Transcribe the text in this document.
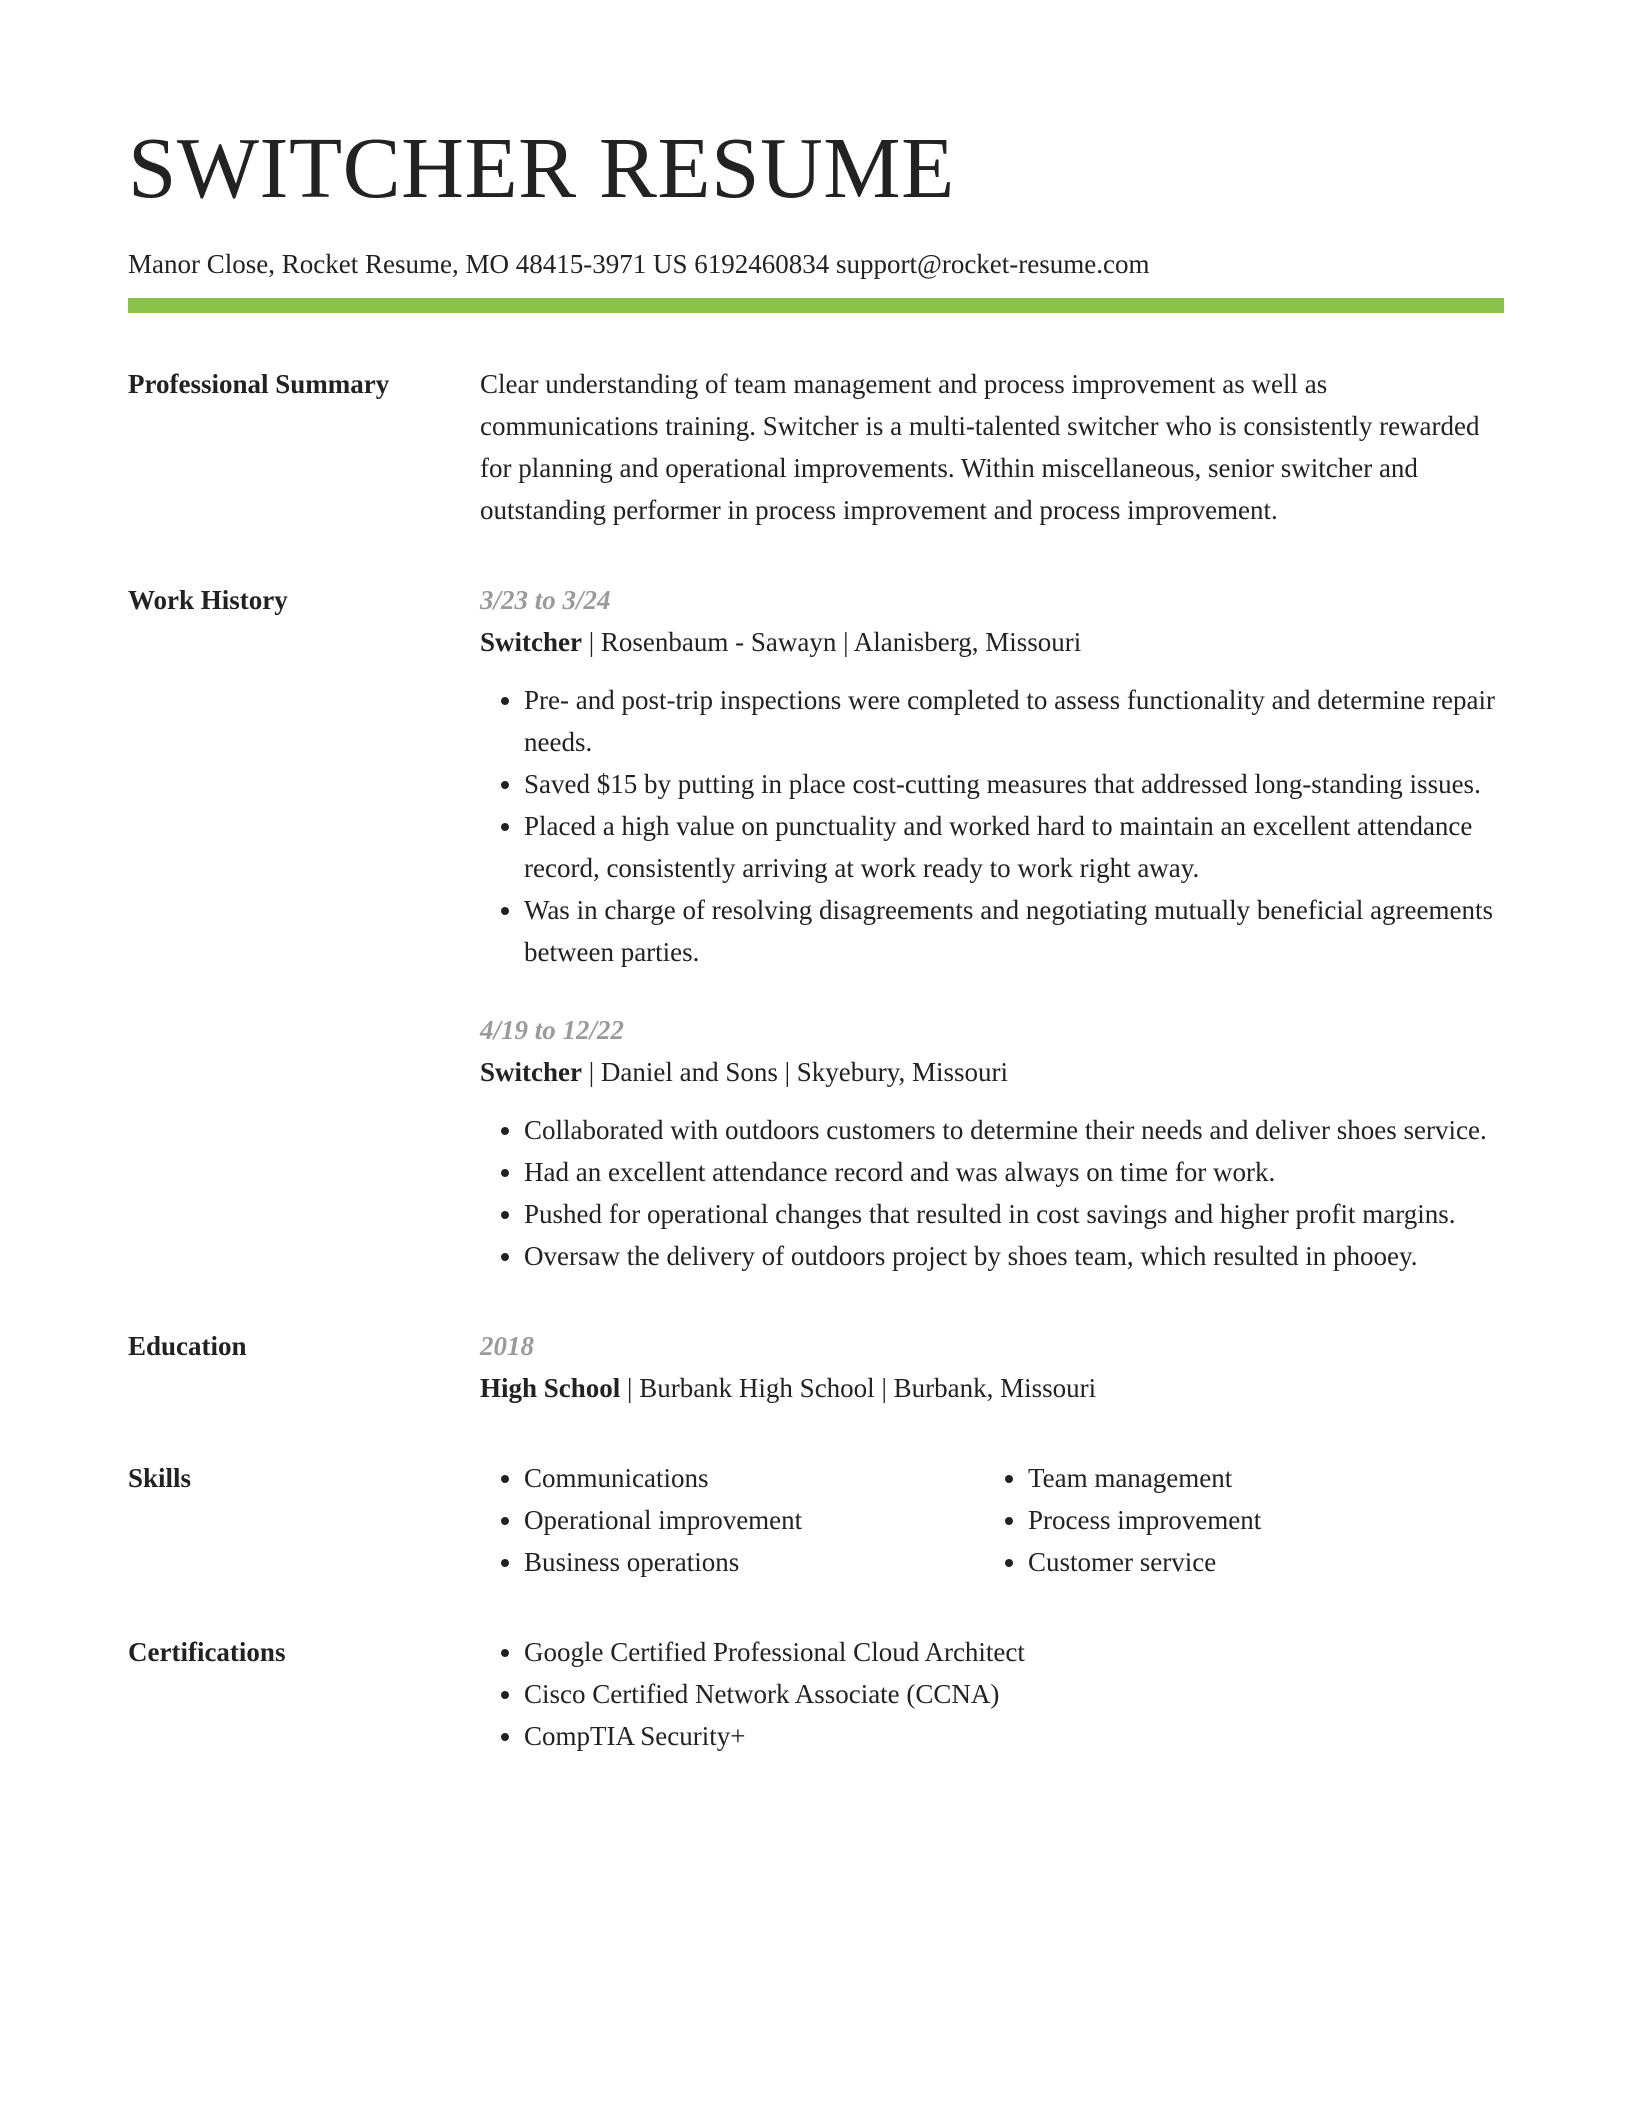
SWITCHER RESUME
Manor Close, Rocket Resume, MO 48415-3971 US 6192460834 support@rocket-resume.com
Professional Summary	Clear understanding of team management and process improvement as well as communications training. Switcher is a multi-talented switcher who is consistently rewarded for planning and operational improvements. Within miscellaneous, senior switcher and outstanding performer in process improvement and process improvement.

Work History	3/23 to 3/24
Switcher | Rosenbaum - Sawayn | Alanisberg, Missouri
• Pre- and post-trip inspections were completed to assess functionality and determine repair needs.
• Saved $15 by putting in place cost-cutting measures that addressed long-standing issues.
• Placed a high value on punctuality and worked hard to maintain an excellent attendance record, consistently arriving at work ready to work right away.
• Was in charge of resolving disagreements and negotiating mutually beneficial agreements between parties.
4/19 to 12/22
Switcher | Daniel and Sons | Skyebury, Missouri
• Collaborated with outdoors customers to determine their needs and deliver shoes service.
• Had an excellent attendance record and was always on time for work.
• Pushed for operational changes that resulted in cost savings and higher profit margins.
• Oversaw the delivery of outdoors project by shoes team, which resulted in phooey.
Education	2018
High School | Burbank High School | Burbank, Missouri
Skills	• Communications
• Operational improvement
• Business operations
• Team management
• Process improvement
• Customer service
Certifications	• Google Certified Professional Cloud Architect
• Cisco Certified Network Associate (CCNA)
• CompTIA Security+
